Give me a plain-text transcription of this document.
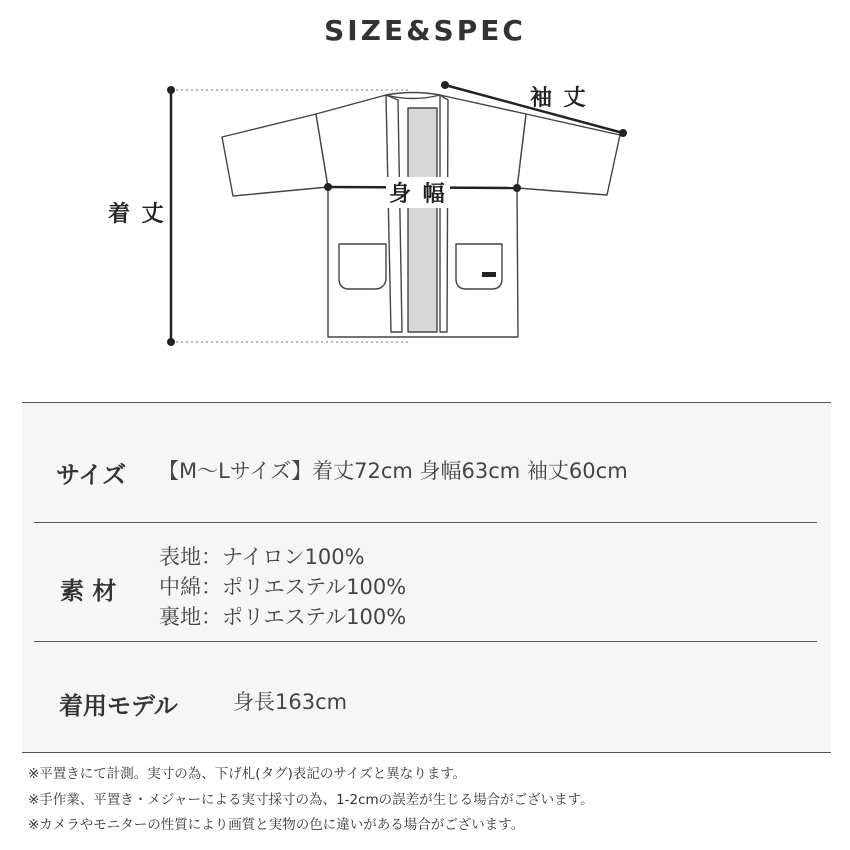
SIZE&SPEC
着 丈
身 幅
袖 丈
サイズ 【M～Lサイズ】着丈72cm 身幅63cm 袖丈60cm
素 材
表地：ナイロン100%
中綿：ポリエステル100%
裏地：ポリエステル100%
着用モデル	身長163cm
※平置きにて計測。実寸の為、下げ札(タグ)表記のサイズと異なります。
※手作業、平置き・メジャーによる実寸採寸の為、1-2cmの誤差が生じる場合がございます。
※カメラやモニターの性質により画質と実物の色に違いがある場合がございます。
